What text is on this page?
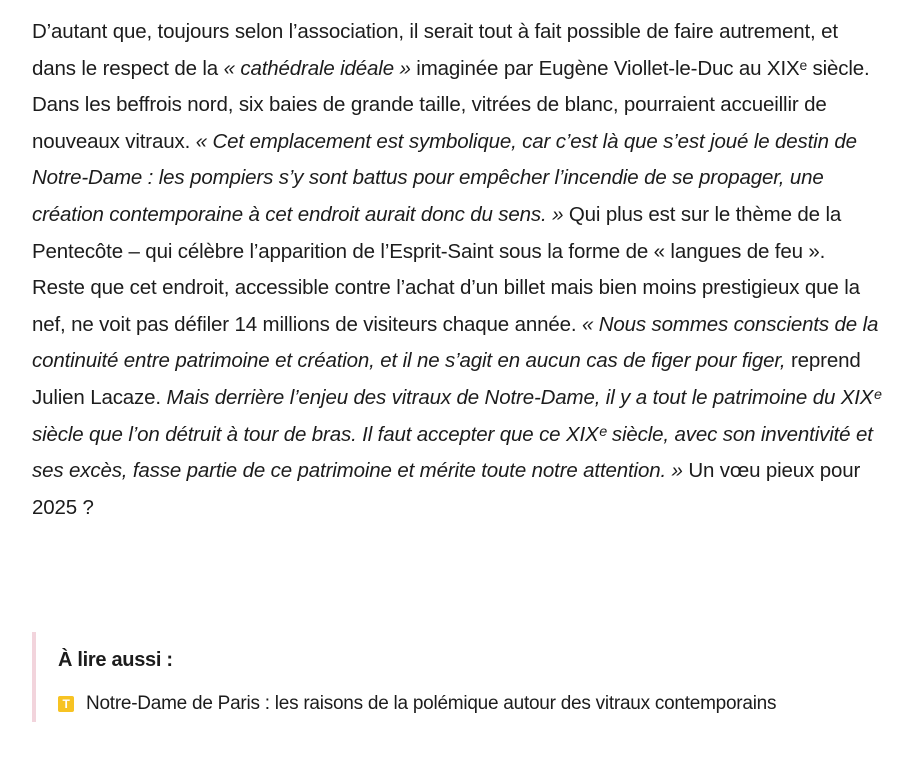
D’autant que, toujours selon l’association, il serait tout à fait possible de faire autrement, et dans le respect de la « cathédrale idéale » imaginée par Eugène Viollet-le-Duc au XIXᵉ siècle. Dans les beffrois nord, six baies de grande taille, vitrées de blanc, pourraient accueillir de nouveaux vitraux. « Cet emplacement est symbolique, car c’est là que s’est joué le destin de Notre-Dame : les pompiers s’y sont battus pour empêcher l’incendie de se propager, une création contemporaine à cet endroit aurait donc du sens. » Qui plus est sur le thème de la Pentecôte – qui célèbre l’apparition de l’Esprit-Saint sous la forme de « langues de feu ». Reste que cet endroit, accessible contre l’achat d’un billet mais bien moins prestigieux que la nef, ne voit pas défiler 14 millions de visiteurs chaque année. « Nous sommes conscients de la continuité entre patrimoine et création, et il ne s’agit en aucun cas de figer pour figer, reprend Julien Lacaze. Mais derrière l’enjeu des vitraux de Notre-Dame, il y a tout le patrimoine du XIXᵉ siècle que l’on détruit à tour de bras. Il faut accepter que ce XIXᵉ siècle, avec son inventivité et ses excès, fasse partie de ce patrimoine et mérite toute notre attention. » Un vœu pieux pour 2025 ?

À lire aussi :
T Notre-Dame de Paris : les raisons de la polémique autour des vitraux contemporains
